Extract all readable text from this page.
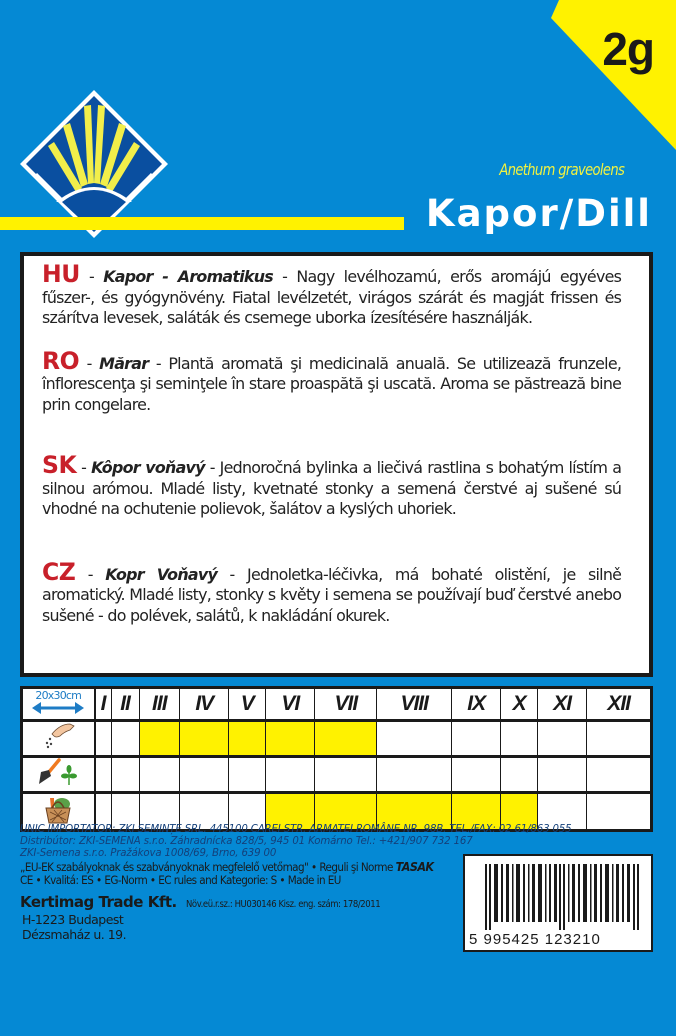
2g
Anethum graveolens
Kapor/Dill

HU - Kapor - Aromatikus - Nagy levélhozamú, erős aromájú egyéves fűszer-, és gyógynövény. Fiatal levélzetét, virágos szárát és magját frissen és szárítva levesek, saláták és csemege uborka ízesítésére használják.

RO - Mărar - Plantă aromată şi medicinală anuală. Se utilizează frunzele, înflorescenţa şi seminţele în stare proaspătă şi uscată. Aroma se păstrează bine prin congelare.

SK - Kôpor voňavý - Jednoročná bylinka a liečivá rastlina s bohatým lístím a silnou arómou. Mladé listy, kvetnaté stonky a semená čerstvé aj sušené sú vhodné na ochutenie polievok, šalátov a kyslých uhoriek.

CZ - Kopr Voňavý - Jednoletka-léčivka, má bohaté olistění, je silně aromatický. Mladé listy, stonky s květy i semena se používají buď čerstvé anebo sušené - do polévek, salátů, k nakládání okurek.

20x30cm	I	II	III	IV	V	VI	VII	VIII	IX	X	XI	XII

UNIC IMPORTATOR: ZKI SEMINȚE SRL. 445100 CAREI STR. ARMATEI ROMÂNE NR. 98B. TEL./FAX: 02 61/863 055
Distribútor: ZKI-SEMENA s.r.o. Záhradnícka 828/5, 945 01 Komárno Tel.: +421/907 732 167
ZKI-Semena s.r.o. Pražákova 1008/69, Brno, 639 00
„EU-EK szabályoknak és szabványoknak megfelelő vetőmag" • Reguli şi Norme TASAK
CE • Kvalitá: ES • EG-Norm • EC rules and Kategorie: S • Made in EU
Kertimag Trade Kft. Növ.eü.r.sz.: HU030146 Kisz. eng. szám: 178/2011
H-1223 Budapest
Dézsmaház u. 19.	5 995425 123210
